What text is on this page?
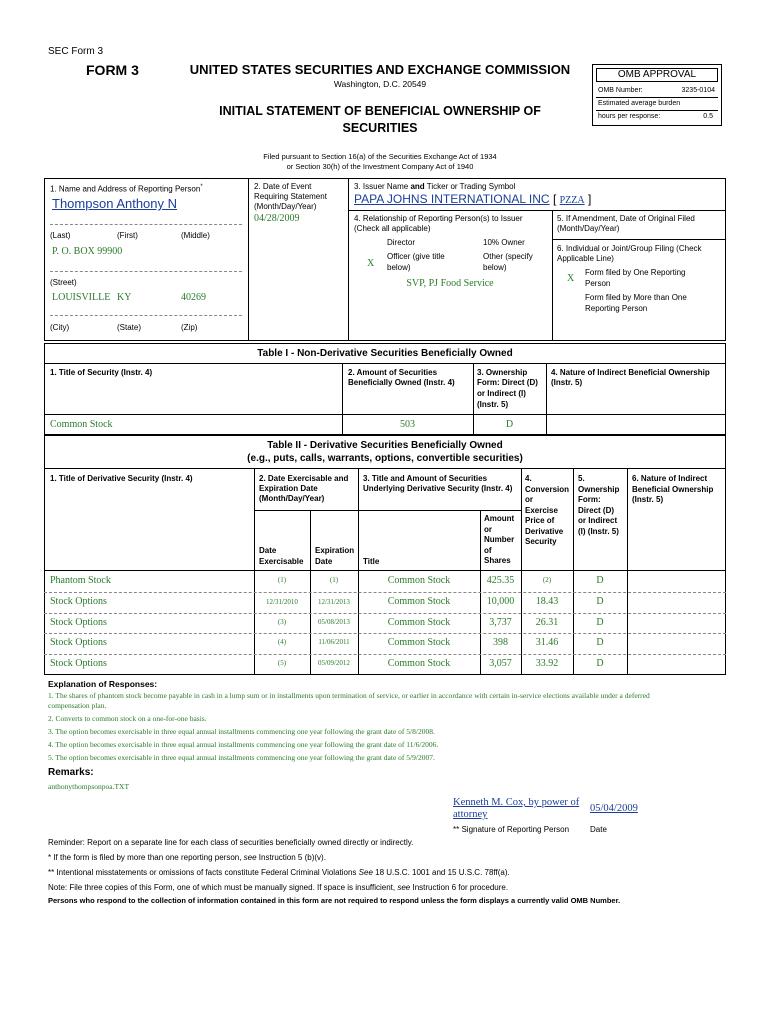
SEC Form 3
FORM 3	UNITED STATES SECURITIES AND EXCHANGE COMMISSION
Washington, D.C. 20549
INITIAL STATEMENT OF BENEFICIAL OWNERSHIP OF
SECURITIES
OMB APPROVAL
OMB Number:	3235-0104
Estimated average burden
hours per response:	0.5
Filed pursuant to Section 16(a) of the Securities Exchange Act of 1934
or Section 30(h) of the Investment Company Act of 1940
1. Name and Address of Reporting Person*
Thompson Anthony N
(Last)	(First)	(Middle)
P. O. BOX 99900
(Street)
LOUISVILLE KY	40269
(City)	(State)	(Zip)
2. Date of Event
Requiring Statement
(Month/Day/Year)
04/28/2009
3. Issuer Name and Ticker or Trading Symbol
PAPA JOHNS INTERNATIONAL INC [ PZZA ]
4. Relationship of Reporting Person(s) to Issuer
(Check all applicable)
Director	10% Owner
X
Officer (give title
below)
Other (specify
below)
SVP, PJ Food Service
5. If Amendment, Date of Original Filed
(Month/Day/Year)
6. Individual or Joint/Group Filing (Check
Applicable Line)
X
Form filed by One Reporting
Person
Form filed by More than One
Reporting Person
Table I - Non-Derivative Securities Beneficially Owned
1. Title of Security (Instr. 4)	2. Amount of Securities
Beneficially Owned (Instr. 4)
3. Ownership
Form: Direct (D)
or Indirect (I)
(Instr. 5)
4. Nature of Indirect Beneficial Ownership
(Instr. 5)
Common Stock	503	D
Table II - Derivative Securities Beneficially Owned
(e.g., puts, calls, warrants, options, convertible securities)
1. Title of Derivative Security (Instr. 4)	2. Date Exercisable and
Expiration Date
(Month/Day/Year)
3. Title and Amount of Securities
Underlying Derivative Security (Instr. 4)
4.
Conversion
or
Exercise
Price of
Derivative
Security
5.
Ownership
Form:
Direct (D)
or Indirect
(I) (Instr. 5)
6. Nature of Indirect
Beneficial Ownership
(Instr. 5)
Date
Exercisable
Expiration
Date	Title
Amount
or
Number
of
Shares
Phantom Stock	(1)	(1)	Common Stock	425.35	(2)	D
Stock Options	12/31/2010	12/31/2013	Common Stock	10,000	18.43	D
Stock Options	(3)	05/08/2013	Common Stock	3,737	26.31	D
Stock Options	(4)	11/06/2011	Common Stock	398	31.46	D
Stock Options	(5)	05/09/2012	Common Stock	3,057	33.92	D
Explanation of Responses:
1. The shares of phantom stock become payable in cash in a lump sum or in installments upon termination of service, or earlier in accordance with certain in-service elections available under a deferred
compensation plan.
2. Converts to common stock on a one-for-one basis.
3. The option becomes exercisable in three equal annual installments commencing one year following the grant date of 5/8/2008.
4. The option becomes exercisable in three equal annual installments commencing one year following the grant date of 11/6/2006.
5. The option becomes exercisable in three equal annual installments commencing one year following the grant date of 5/9/2007.
Remarks:
anthonythompsonpoa.TXT
Kenneth M. Cox, by power of
attorney
05/04/2009
** Signature of Reporting Person	Date
Reminder: Report on a separate line for each class of securities beneficially owned directly or indirectly.
* If the form is filed by more than one reporting person, see Instruction 5 (b)(v).
** Intentional misstatements or omissions of facts constitute Federal Criminal Violations See 18 U.S.C. 1001 and 15 U.S.C. 78ff(a).
Note: File three copies of this Form, one of which must be manually signed. If space is insufficient, see Instruction 6 for procedure.
Persons who respond to the collection of information contained in this form are not required to respond unless the form displays a currently valid OMB Number.
